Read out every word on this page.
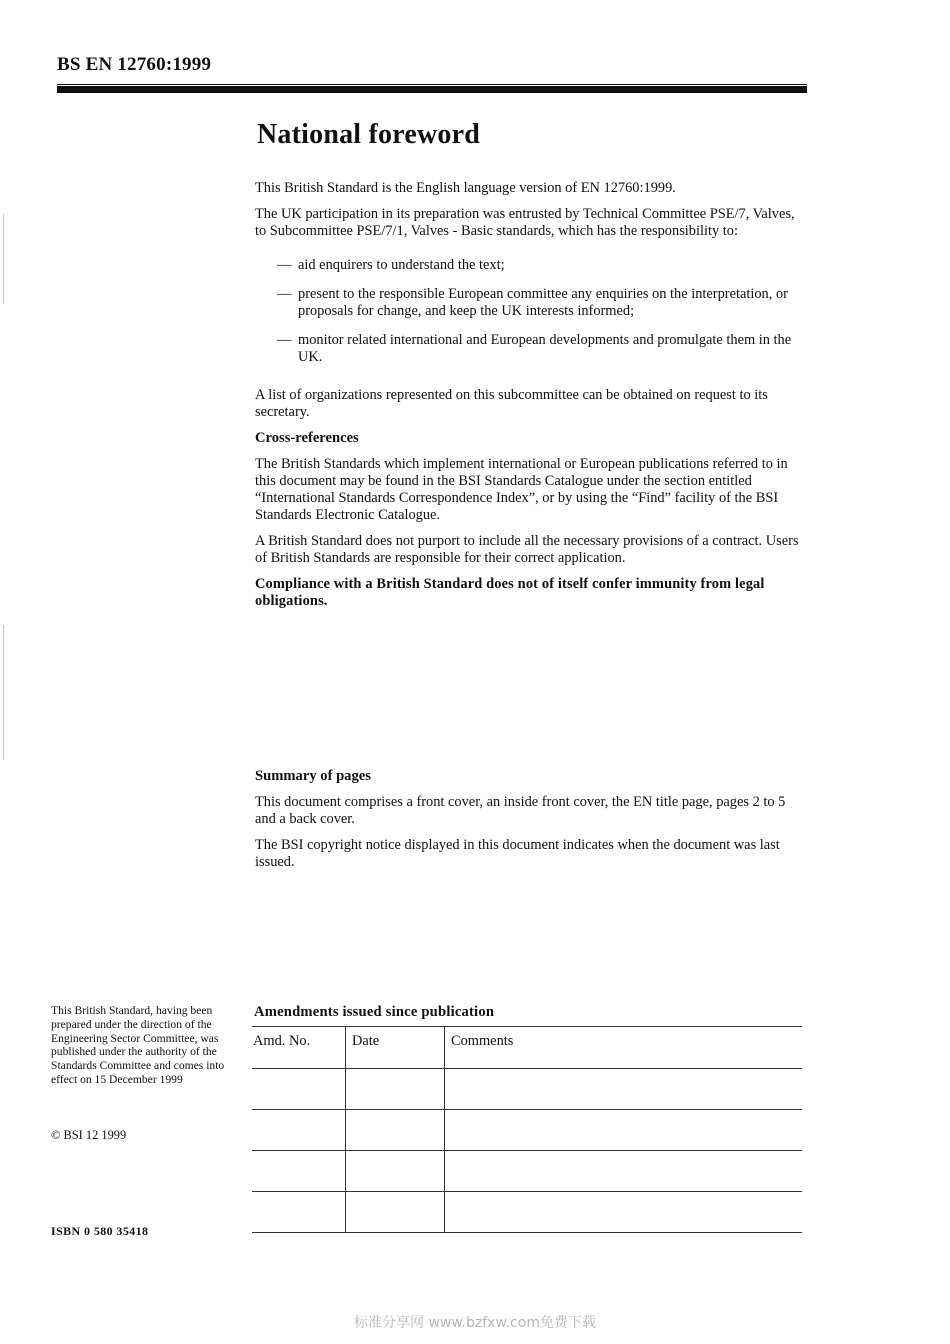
BS EN 12760:1999
National foreword

This British Standard is the English language version of EN 12760:1999.

The UK participation in its preparation was entrusted by Technical Committee PSE/7, Valves, to Subcommittee PSE/7/1, Valves - Basic standards, which has the responsibility to:

— aid enquirers to understand the text;
— present to the responsible European committee any enquiries on the interpretation, or proposals for change, and keep the UK interests informed;
— monitor related international and European developments and promulgate them in the UK.

A list of organizations represented on this subcommittee can be obtained on request to its secretary.

Cross-references

The British Standards which implement international or European publications referred to in this document may be found in the BSI Standards Catalogue under the section entitled “International Standards Correspondence Index”, or by using the “Find” facility of the BSI Standards Electronic Catalogue.

A British Standard does not purport to include all the necessary provisions of a contract. Users of British Standards are responsible for their correct application.

Compliance with a British Standard does not of itself confer immunity from legal obligations.

Summary of pages

This document comprises a front cover, an inside front cover, the EN title page, pages 2 to 5 and a back cover.

The BSI copyright notice displayed in this document indicates when the document was last issued.

This British Standard, having been prepared under the direction of the Engineering Sector Committee, was published under the authority of the Standards Committee and comes into effect on 15 December 1999
© BSI 12 1999
ISBN 0 580 35418
Amendments issued since publication
Amd. No.	Date	Comments

标准分享网 www.bzfxw.com免费下载
